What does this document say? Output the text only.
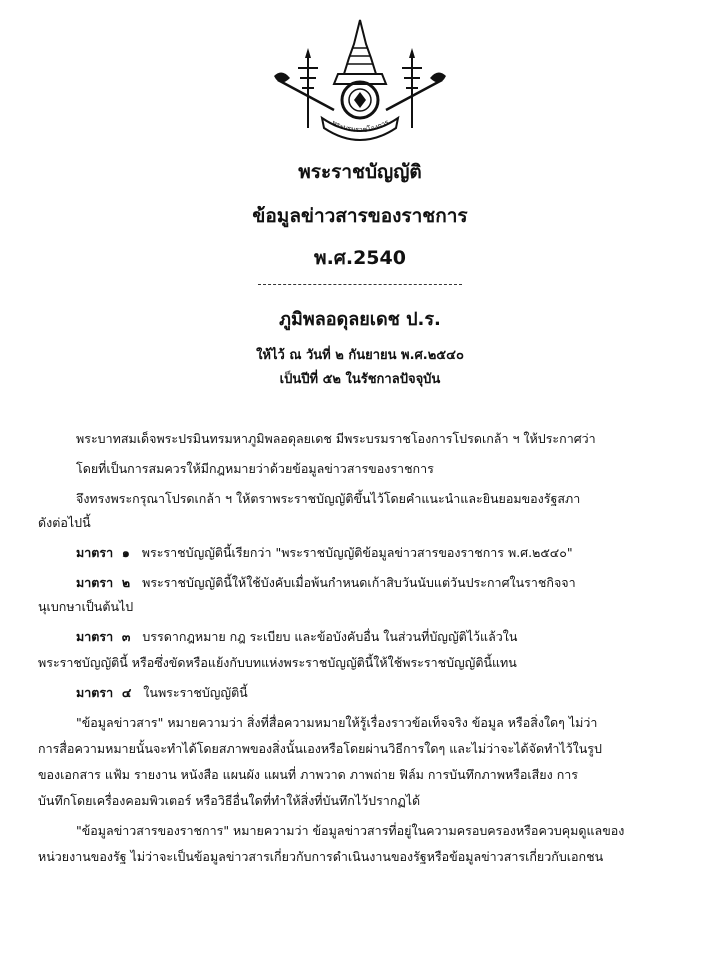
พระบรมราชโองการ
พระราชบัญญัติ
ข้อมูลข่าวสารของราชการ
พ.ศ.2540
ภูมิพลอดุลยเดช ป.ร.
ให้ไว้ ณ วันที่ ๒ กันยายน พ.ศ.๒๕๔๐
เป็นปีที่ ๕๒ ในรัชกาลปัจจุบัน
พระบาทสมเด็จพระปรมินทรมหาภูมิพลอดุลยเดช มีพระบรมราชโองการโปรดเกล้า ฯ ให้ประกาศว่า
โดยที่เป็นการสมควรให้มีกฎหมายว่าด้วยข้อมูลข่าวสารของราชการ
จึงทรงพระกรุณาโปรดเกล้า ฯ ให้ตราพระราชบัญญัติขึ้นไว้โดยคำแนะนำและยินยอมของรัฐสภา
ดังต่อไปนี้
มาตรา ๑ พระราชบัญญัตินี้เรียกว่า "พระราชบัญญัติข้อมูลข่าวสารของราชการ พ.ศ.๒๕๔๐"
มาตรา ๒ พระราชบัญญัตินี้ให้ใช้บังคับเมื่อพ้นกำหนดเก้าสิบวันนับแต่วันประกาศในราชกิจจา
นุเบกษาเป็นต้นไป
มาตรา ๓ บรรดากฎหมาย กฎ ระเบียบ และข้อบังคับอื่น ในส่วนที่บัญญัติไว้แล้วใน
พระราชบัญญัตินี้ หรือซึ่งขัดหรือแย้งกับบทแห่งพระราชบัญญัตินี้ให้ใช้พระราชบัญญัตินี้แทน
มาตรา ๔ ในพระราชบัญญัตินี้
"ข้อมูลข่าวสาร" หมายความว่า สิ่งที่สื่อความหมายให้รู้เรื่องราวข้อเท็จจริง ข้อมูล หรือสิ่งใดๆ ไม่ว่า
การสื่อความหมายนั้นจะทำได้โดยสภาพของสิ่งนั้นเองหรือโดยผ่านวิธีการใดๆ และไม่ว่าจะได้จัดทำไว้ในรูป
ของเอกสาร แฟ้ม รายงาน หนังสือ แผนผัง แผนที่ ภาพวาด ภาพถ่าย ฟิล์ม การบันทึกภาพหรือเสียง การ
บันทึกโดยเครื่องคอมพิวเตอร์ หรือวิธีอื่นใดที่ทำให้สิ่งที่บันทึกไว้ปรากฏได้
"ข้อมูลข่าวสารของราชการ" หมายความว่า ข้อมูลข่าวสารที่อยู่ในความครอบครองหรือควบคุมดูแลของ
หน่วยงานของรัฐ ไม่ว่าจะเป็นข้อมูลข่าวสารเกี่ยวกับการดำเนินงานของรัฐหรือข้อมูลข่าวสารเกี่ยวกับเอกชน
